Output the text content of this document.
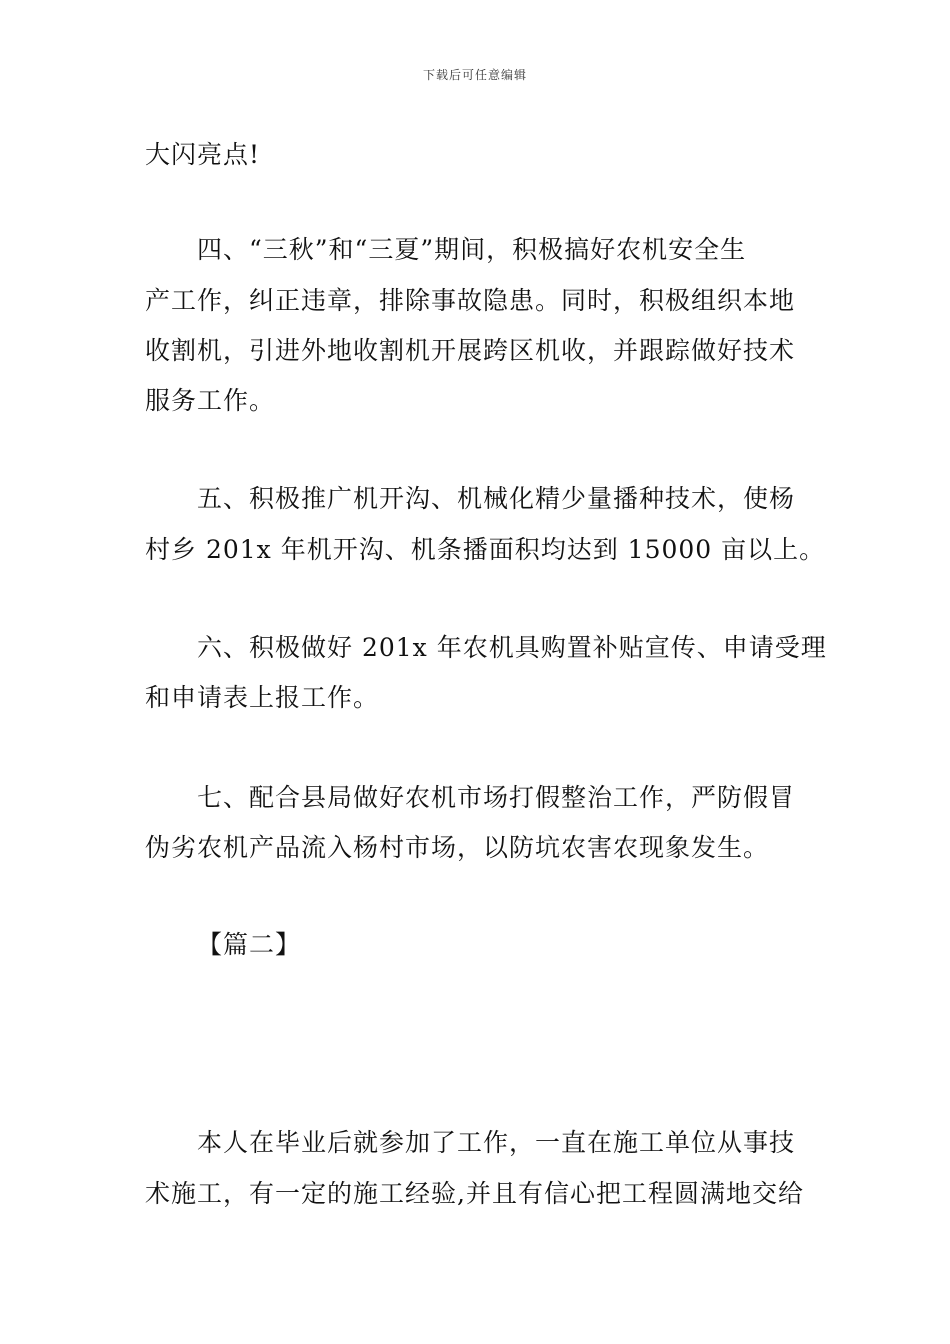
下载后可任意编辑
大闪亮点!
四、“三秋”和“三夏”期间，积极搞好农机安全生
产工作，纠正违章，排除事故隐患。同时，积极组织本地
收割机，引进外地收割机开展跨区机收，并跟踪做好技术
服务工作。
五、积极推广机开沟、机械化精少量播种技术，使杨
村乡 201x 年机开沟、机条播面积均达到 15000 亩以上。
六、积极做好 201x 年农机具购置补贴宣传、申请受理
和申请表上报工作。
七、配合县局做好农机市场打假整治工作，严防假冒
伪劣农机产品流入杨村市场，以防坑农害农现象发生。
【篇二】
本人在毕业后就参加了工作，一直在施工单位从事技
术施工，有一定的施工经验,并且有信心把工程圆满地交给
